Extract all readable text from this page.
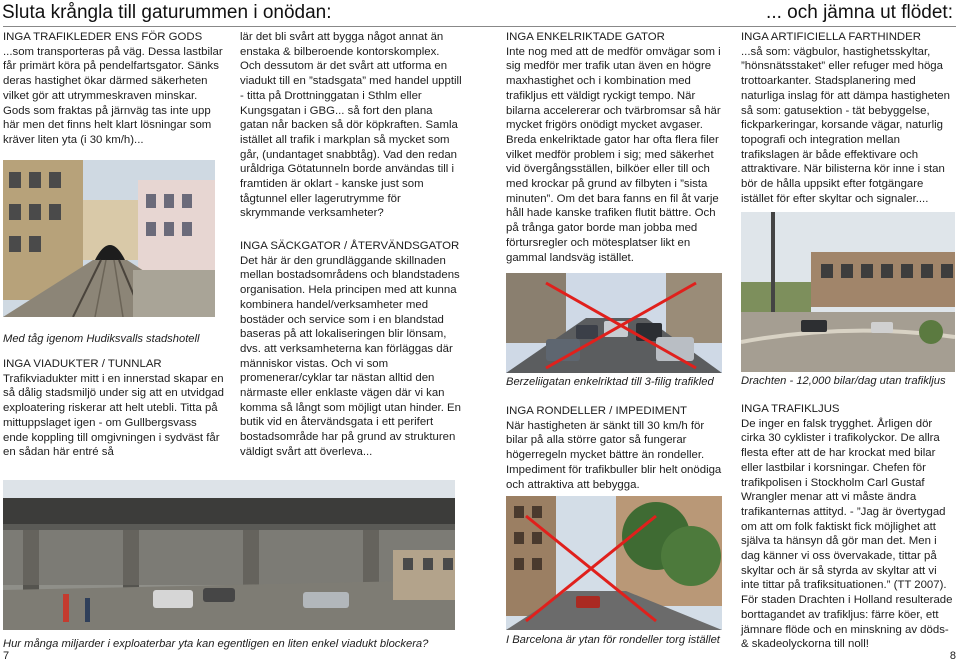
Sluta krångla till gaturummen i onödan:	... och jämna ut flödet:

INGA TRAFIKLEDER ENS FÖR GODS

...som transporteras på väg. Dessa lastbilar får primärt köra på pendelfartsgator. Sänks deras hastighet ökar därmed säkerheten vilket gör att utrymmeskraven minskar. Gods som fraktas på järnväg tas inte upp här men det finns helt klart lösningar som kräver liten yta (i 30 km/h)...

Med tåg igenom Hudiksvalls stadshotell

INGA VIADUKTER / TUNNLAR

Trafikviadukter mitt i en innerstad skapar en så dålig stadsmiljö under sig att en utvidgad exploatering riskerar att helt utebli. Titta på mittuppslaget igen - om Gullbergsvass ende koppling till omgivningen i sydväst får en sådan här entré så

lär det bli svårt att bygga något annat än enstaka & bilberoende kontorskomplex. Och dessutom är det svårt att utforma en viadukt till en ”stadsgata” med handel upptill - titta på Drottninggatan i Sthlm eller Kungsgatan i GBG... så fort den plana gatan når backen så dör köpkraften. Samla istället all trafik i markplan så mycket som går, (undantaget snabbtåg). Vad den redan uråldriga Götatunneln borde användas till i framtiden är oklart - kanske just som tågtunnel eller lagerutrymme för skrymmande verksamheter?

INGA SÄCKGATOR / ÅTERVÄNDSGATOR

Det här är den grundläggande skillnaden mellan bostadsområdens och blandstadens organisation. Hela principen med att kunna kombinera handel/verksamheter med bostäder och service som i en blandstad baseras på att lokaliseringen blir lönsam, dvs. att verksamheterna kan förläggas där människor vistas. Och vi som promenerar/cyklar tar nästan alltid den närmaste eller enklaste vägen där vi kan komma så långt som möjligt utan hinder. En butik vid en återvändsgata i ett perifert bostadsområde har på grund av strukturen väldigt svårt att överleva...

Hur många miljarder i exploaterbar yta kan egentligen en liten enkel viadukt blockera?
7

INGA ENKELRIKTADE GATOR

Inte nog med att de medför omvägar som i sig medför mer trafik utan även en högre maxhastighet och i kombination med trafikljus ett väldigt ryckigt tempo. När bilarna accelererar och tvärbromsar så här mycket frigörs onödigt mycket avgaser. Breda enkelriktade gator har ofta flera filer vilket medför problem i sig; med säkerhet vid övergångsställen, bilköer eller till och med krockar på grund av filbyten i ”sista minuten”. Om det bara fanns en fil åt varje håll hade kanske trafiken flutit bättre. Och på trånga gator borde man jobba med förtursregler och mötesplatser likt en gammal landsväg istället.

Berzeliigatan enkelriktad till 3-filig trafikled

INGA RONDELLER / IMPEDIMENT

När hastigheten är sänkt till 30 km/h för bilar på alla större gator så fungerar högerregeln mycket bättre än rondeller. Impediment för trafikbuller blir helt onödiga och attraktiva att bebygga.

I Barcelona är ytan för rondeller torg istället

INGA ARTIFICIELLA FARTHINDER

...så som: vägbulor, hastighetsskyltar, ”hönsnätsstaket” eller refuger med höga trottoarkanter. Stadsplanering med naturliga inslag för att dämpa hastigheten så som: gatusektion - tät bebyggelse, fickparkeringar, korsande vägar, naturlig topografi och integration mellan trafikslagen är både effektivare och attraktivare. När bilisterna kör inne i stan bör de hålla uppsikt efter fotgängare istället för efter skyltar och signaler....

Drachten - 12,000 bilar/dag utan trafikljus

INGA TRAFIKLJUS

De inger en falsk trygghet. Årligen dör cirka 30 cyklister i trafikolyckor. De allra flesta efter att de har krockat med bilar eller lastbilar i korsningar. Chefen för trafikpolisen i Stockholm Carl Gustaf Wrangler menar att vi måste ändra trafikanternas attityd. - ”Jag är övertygad om att om folk faktiskt fick möjlighet att själva ta hänsyn då gör man det. Men i dag känner vi oss övervakade, tittar på skyltar och är så styrda av skyltar att vi inte tittar på trafiksituationen.” (TT 2007). För staden Drachten i Holland resulterade borttagandet av trafikljus: färre köer, ett jämnare flöde och en minskning av döds- & skadeolyckorna till noll!

8
